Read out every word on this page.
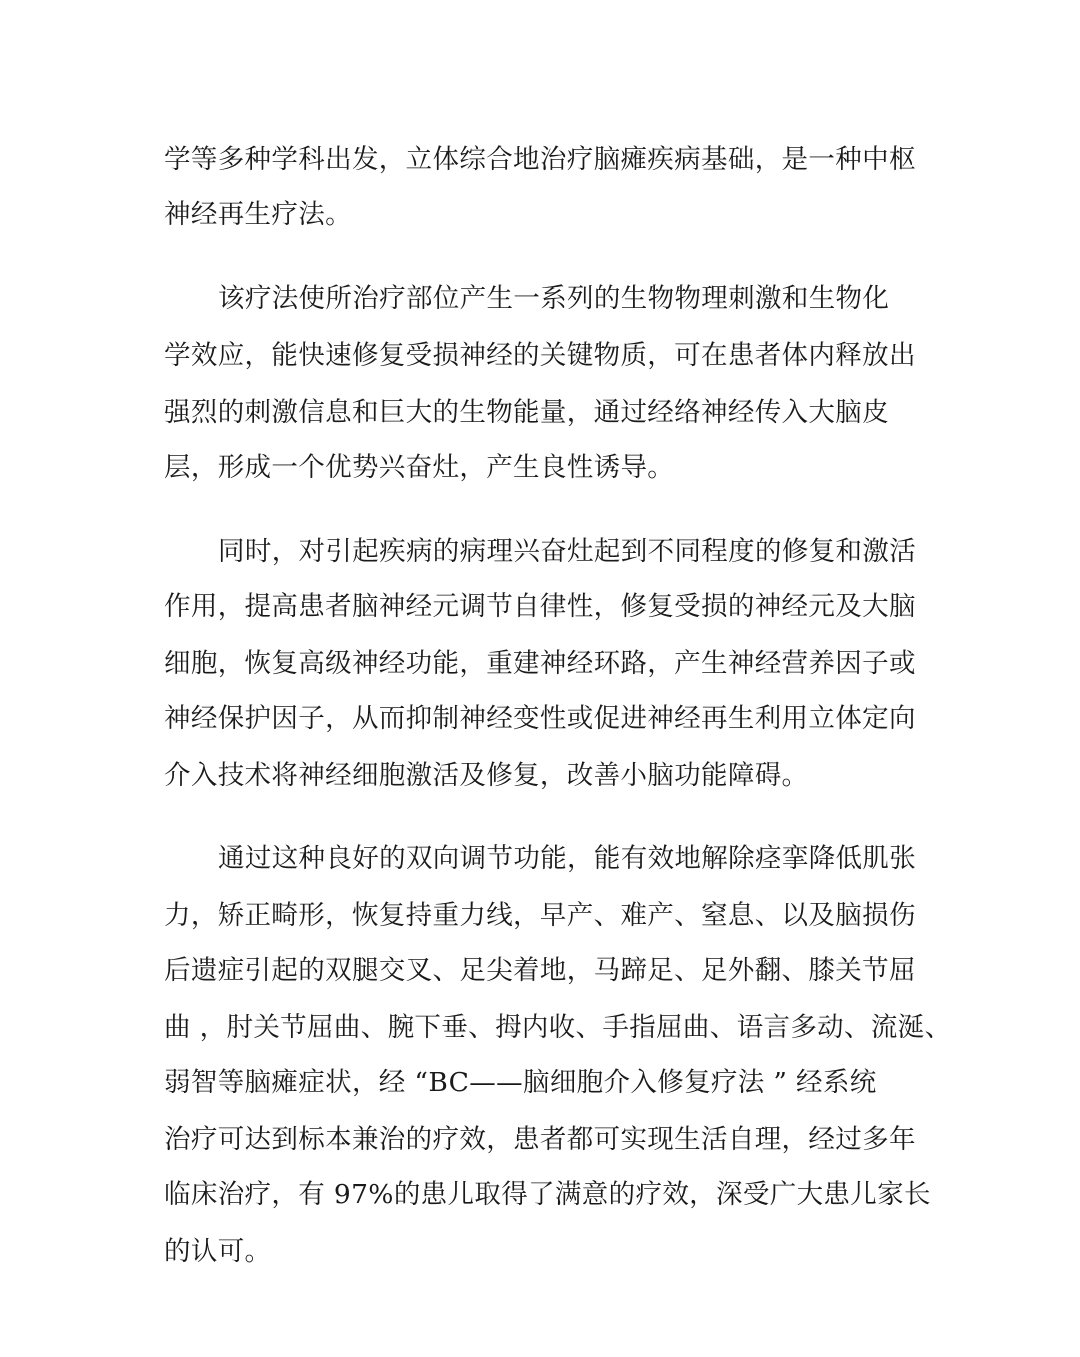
学等多种学科出发，立体综合地治疗脑瘫疾病基础，是一种中枢

神经再生疗法。

该疗法使所治疗部位产生一系列的生物物理刺激和生物化

学效应，能快速修复受损神经的关键物质，可在患者体内释放出

强烈的刺激信息和巨大的生物能量，通过经络神经传入大脑皮

层，形成一个优势兴奋灶，产生良性诱导。

同时，对引起疾病的病理兴奋灶起到不同程度的修复和激活

作用，提高患者脑神经元调节自律性，修复受损的神经元及大脑

细胞，恢复高级神经功能，重建神经环路，产生神经营养因子或

神经保护因子，从而抑制神经变性或促进神经再生利用立体定向

介入技术将神经细胞激活及修复，改善小脑功能障碍。

通过这种良好的双向调节功能，能有效地解除痉挛降低肌张

力，矫正畸形，恢复持重力线，早产、难产、窒息、以及脑损伤

后遗症引起的双腿交叉、足尖着地，马蹄足、足外翻、膝关节屈

曲 ，肘关节屈曲、腕下垂、拇内收、手指屈曲、语言多动、流涎、

弱智等脑瘫症状，经 “BC——脑细胞介入修复疗法 ” 经系统

治疗可达到标本兼治的疗效，患者都可实现生活自理，经过多年

临床治疗，有 97%的患儿取得了满意的疗效，深受广大患儿家长

的认可。
